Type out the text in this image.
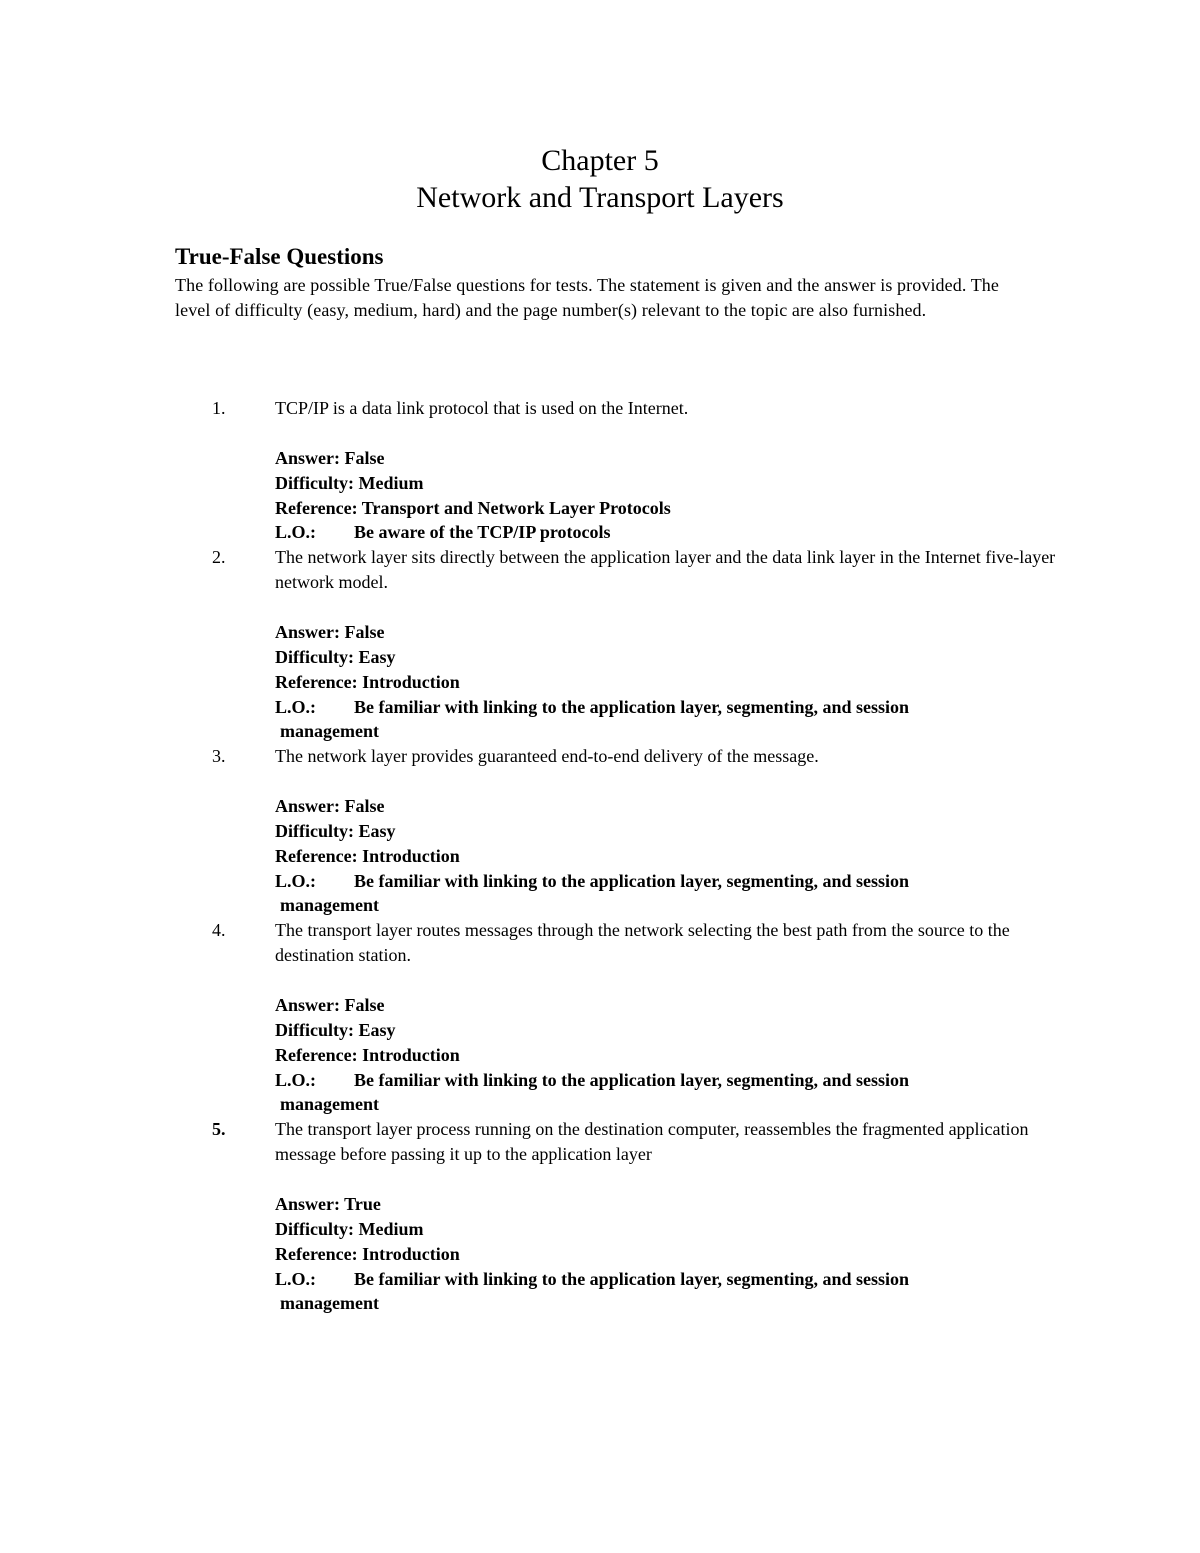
Chapter 5
Network and Transport Layers
True-False Questions

The following are possible True/False questions for tests. The statement is given and the answer is provided. The level of difficulty (easy, medium, hard) and the page number(s) relevant to the topic are also furnished.

1.	TCP/IP is a data link protocol that is used on the Internet.

Answer: False

Difficulty: Medium

Reference: Transport and Network Layer Protocols

L.O.:	Be aware of the TCP/IP protocols
2.	The network layer sits directly between the application layer and the data link layer in the Internet five-layer network model.

Answer: False

Difficulty: Easy

Reference: Introduction

L.O.:	Be familiar with linking to the application layer, segmenting, and session

management

3.	The network layer provides guaranteed end-to-end delivery of the message.

Answer: False

Difficulty: Easy

Reference: Introduction

L.O.:	Be familiar with linking to the application layer, segmenting, and session

management

4.	The transport layer routes messages through the network selecting the best path from the source to the destination station.

Answer: False

Difficulty: Easy

Reference: Introduction

L.O.:	Be familiar with linking to the application layer, segmenting, and session

management

5.	The transport layer process running on the destination computer, reassembles the fragmented application message before passing it up to the application layer

Answer: True

Difficulty: Medium

Reference: Introduction

L.O.:	Be familiar with linking to the application layer, segmenting, and session

management
